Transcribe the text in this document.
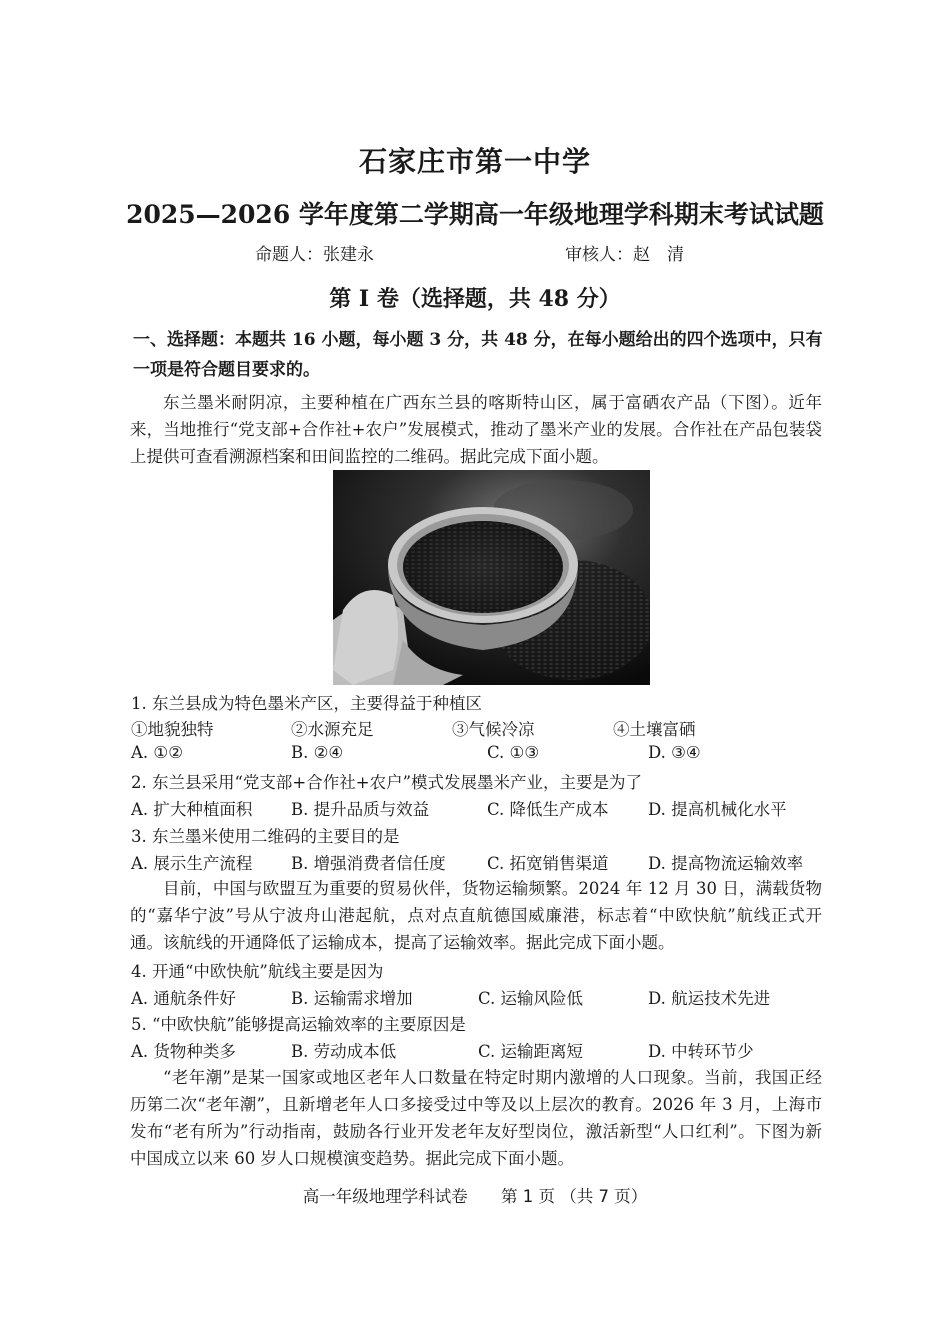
石家庄市第一中学
2025—2026 学年度第二学期高一年级地理学科期末考试试题
命题人：张建永	审核人：赵　清
第 I 卷（选择题，共 48 分）
一、选择题：本题共 16 小题，每小题 3 分，共 48 分，在每小题给出的四个选项中，只有一项是符合题目要求的。
东兰墨米耐阴凉，主要种植在广西东兰县的喀斯特山区，属于富硒农产品（下图）。近年来，当地推行“党支部+合作社+农户”发展模式，推动了墨米产业的发展。合作社在产品包装袋上提供可查看溯源档案和田间监控的二维码。据此完成下面小题。
1. 东兰县成为特色墨米产区，主要得益于种植区
①地貌独特	②水源充足	③气候冷凉	④土壤富硒
A. ①②	B. ②④	C. ①③	D. ③④
2. 东兰县采用“党支部+合作社+农户”模式发展墨米产业，主要是为了
A. 扩大种植面积 B. 提升品质与效益	C. 降低生产成本 D. 提高机械化水平
3. 东兰墨米使用二维码的主要目的是
A. 展示生产流程 B. 增强消费者信任度	C. 拓宽销售渠道 D. 提高物流运输效率
目前，中国与欧盟互为重要的贸易伙伴，货物运输频繁。2024 年 12 月 30 日，满载货物的“嘉华宁波”号从宁波舟山港起航，点对点直航德国威廉港，标志着“中欧快航”航线正式开通。该航线的开通降低了运输成本，提高了运输效率。据此完成下面小题。
4. 开通“中欧快航”航线主要是因为
A. 通航条件好	B. 运输需求增加	C. 运输风险低	D. 航运技术先进
5. “中欧快航”能够提高运输效率的主要原因是
A. 货物种类多	B. 劳动成本低	C. 运输距离短	D. 中转环节少
“老年潮”是某一国家或地区老年人口数量在特定时期内激增的人口现象。当前，我国正经历第二次“老年潮”，且新增老年人口多接受过中等及以上层次的教育。2026 年 3 月，上海市发布“老有所为”行动指南，鼓励各行业开发老年友好型岗位，激活新型“人口红利”。下图为新中国成立以来 60 岁人口规模演变趋势。据此完成下面小题。
高一年级地理学科试卷 第 1 页 （共 7 页）
